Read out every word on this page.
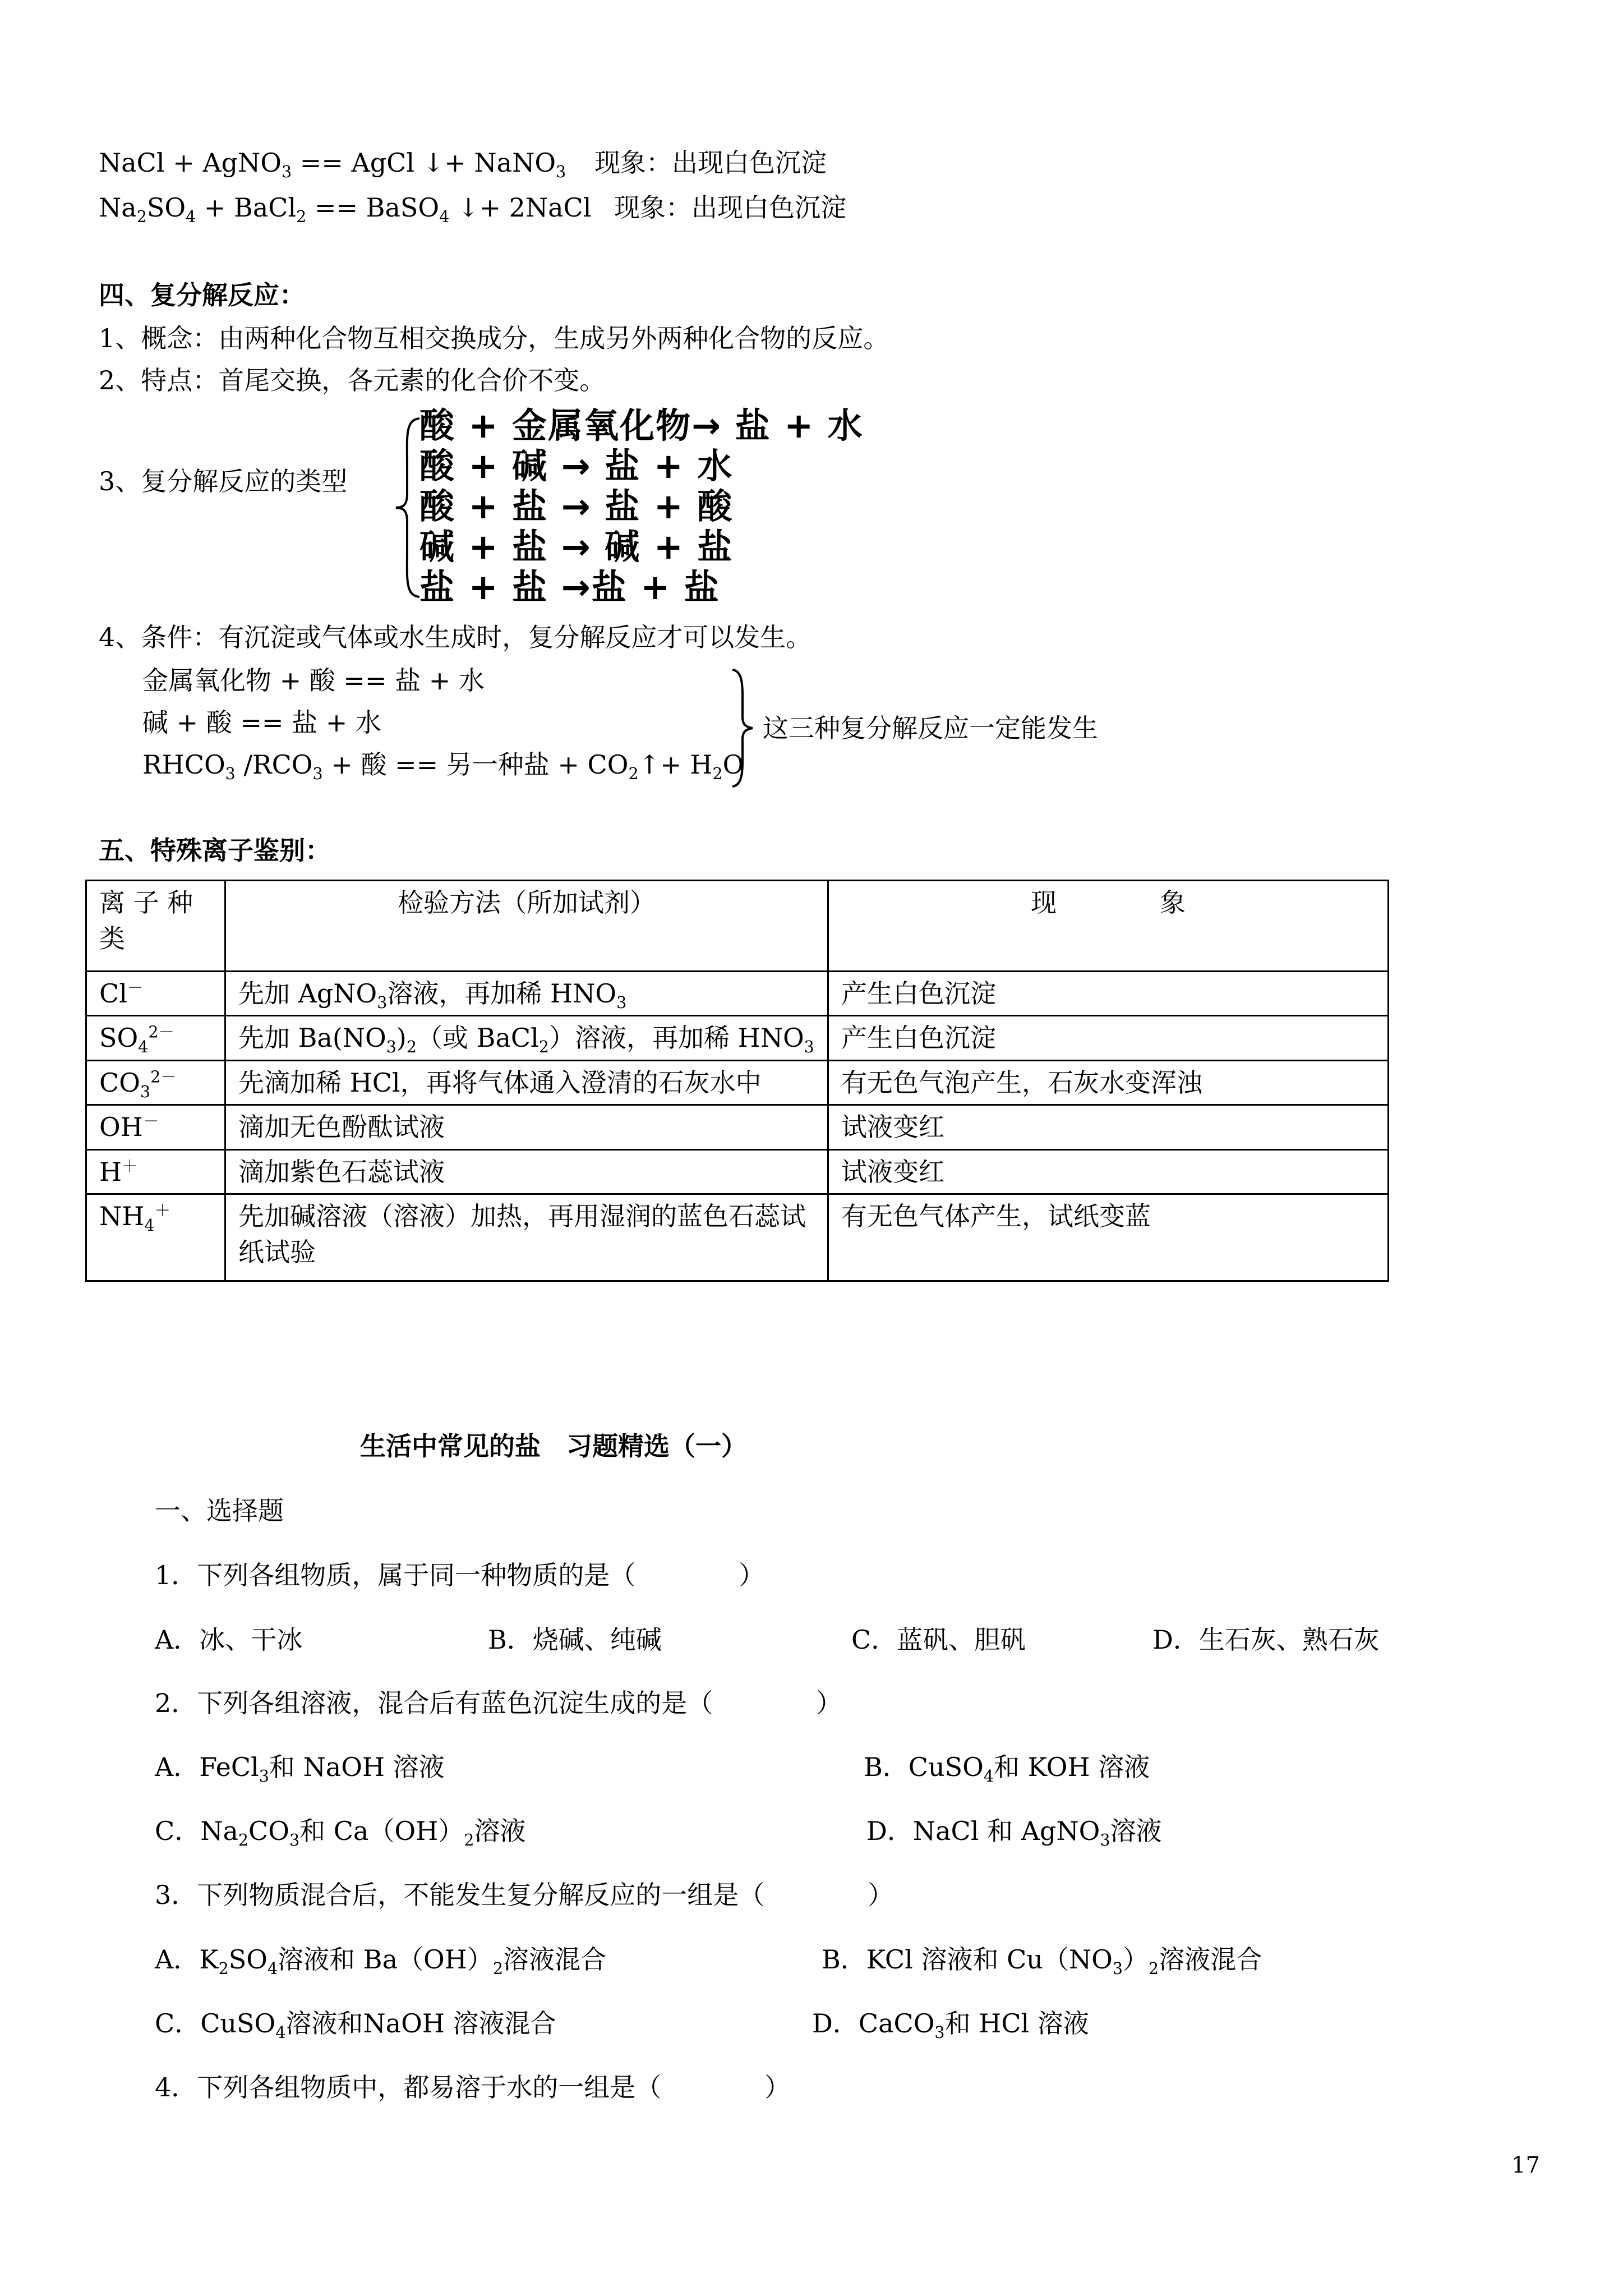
NaCl + AgNO$_3$ == AgCl ↓+ NaNO$_3$ 现象：出现白色沉淀
$Na_2SO_4$ + BaCl$_2$ == BaSO$_4$ ↓+ 2NaCl 现象：出现白色沉淀
四、复分解反应：
1、概念：由两种化合物互相交换成分，生成另外两种化合物的反应。
2、特点：首尾交换，各元素的化合价不变。
3、复分解反应的类型
酸 + 金属氧化物→ 盐 + 水
酸 + 碱 → 盐 + 水
酸 + 盐 → 盐 + 酸
碱 + 盐 → 碱 + 盐
盐 + 盐 →盐 + 盐
4、条件：有沉淀或气体或水生成时，复分解反应才可以发生。
金属氧化物 + 酸 == 盐 + 水
碱 + 酸 == 盐 + 水
$RHCO_3$ $/RCO_3$ + 酸 == 另一种盐 + $CO_2↑+ H_2O$
这三种复分解反应一定能发生
五、特殊离子鉴别：
离 子 种 类	检验方法（所加试剂）	现　　　　象
Cl－	先加 AgNO$_3$溶液，再加稀 $HNO_3$	产生白色沉淀
$SO_4^{2-}$	先加 $Ba(NO_3)_2$（或 BaCl$_2$）溶液，再加稀 $HNO_3$	产生白色沉淀
$CO_3^{2-}$	先滴加稀 HCl，再将气体通入澄清的石灰水中	有无色气泡产生，石灰水变浑浊
OH－	滴加无色酚酞试液	试液变红
H＋	滴加紫色石蕊试液	试液变红
$NH_4^+$	先加碱溶液（溶液）加热，再用湿润的蓝色石蕊试纸试验	有无色气体产生，试纸变蓝
生活中常见的盐　习题精选（一）
一、选择题
1．下列各组物质，属于同一种物质的是（　　　　）
A．冰、干冰	B．烧碱、纯碱	C．蓝矾、胆矾	D．生石灰、熟石灰
2．下列各组溶液，混合后有蓝色沉淀生成的是（　　　　）
A．FeCl$_3$和 NaOH 溶液	B．CuSO$_4$和 KOH 溶液
C．$Na_2CO_3$和 $Ca(OH)_2$溶液	D．NaCl 和 AgNO$_3$溶液
3．下列物质混合后，不能发生复分解反应的一组是（　　　　）
A．$K_2SO_4$溶液和 $Ba(OH)_2$溶液混合	B．KCl 溶液和 $Cu(NO_3)_2$溶液混合
C．CuSO$_4$溶液和NaOH 溶液混合	D．CaCO$_3$和 HCl 溶液
4．下列各组物质中，都易溶于水的一组是（　　　　）
17
